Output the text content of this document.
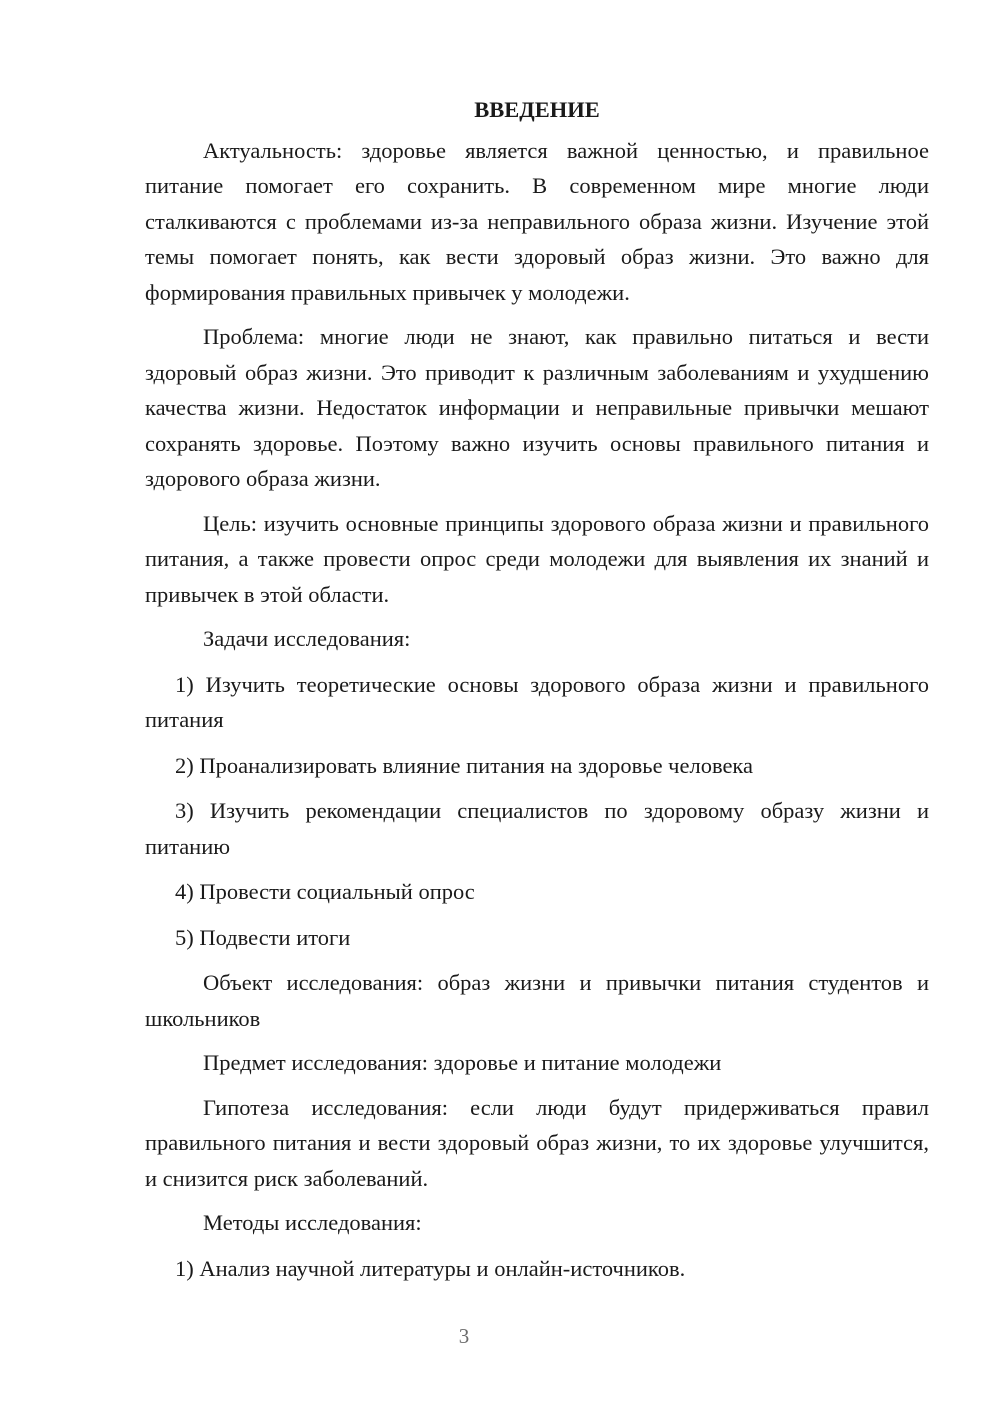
ВВЕДЕНИЕ

Актуальность: здоровье является важной ценностью, и правильное питание помогает его сохранить. В современном мире многие люди сталкиваются с проблемами из-за неправильного образа жизни. Изучение этой темы помогает понять, как вести здоровый образ жизни. Это важно для формирования правильных привычек у молодежи.

Проблема: многие люди не знают, как правильно питаться и вести здоровый образ жизни. Это приводит к различным заболеваниям и ухудшению качества жизни. Недостаток информации и неправильные привычки мешают сохранять здоровье. Поэтому важно изучить основы правильного питания и здорового образа жизни.

Цель: изучить основные принципы здорового образа жизни и правильного питания, а также провести опрос среди молодежи для выявления их знаний и привычек в этой области.

Задачи исследования:

1) Изучить теоретические основы здорового образа жизни и правильного питания

2) Проанализировать влияние питания на здоровье человека

3) Изучить рекомендации специалистов по здоровому образу жизни и питанию

4) Провести социальный опрос

5) Подвести итоги

Объект исследования: образ жизни и привычки питания студентов и школьников

Предмет исследования: здоровье и питание молодежи

Гипотеза исследования: если люди будут придерживаться правил правильного питания и вести здоровый образ жизни, то их здоровье улучшится, и снизится риск заболеваний.

Методы исследования:

1) Анализ научной литературы и онлайн-источников.

3
